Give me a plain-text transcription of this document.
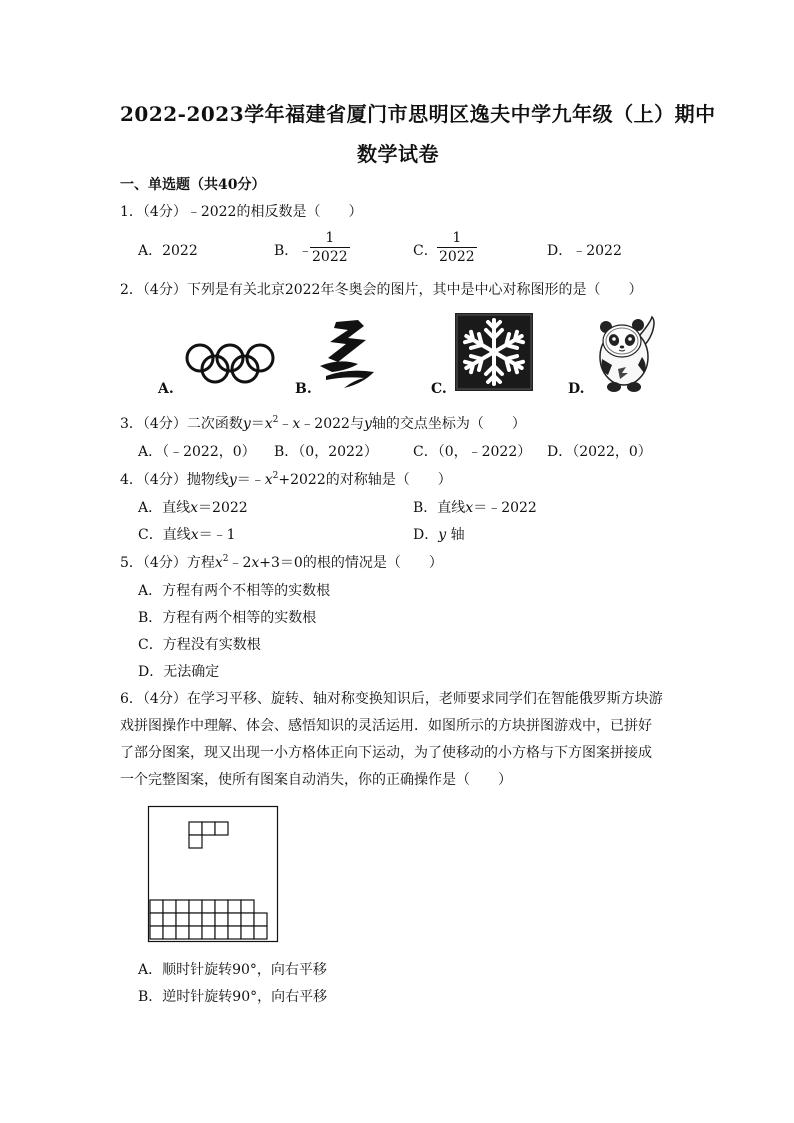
2022-2023学年福建省厦门市思明区逸夫中学九年级（上）期中
数学试卷
一、单选题（共40分）
1．（4分）﹣2022的相反数是（　　）
A．2022	B．﹣
$\frac{1}{2022}$	C． $\frac{1}{2022}$	D．﹣2022
2．（4分）下列是有关北京2022年冬奥会的图片，其中是中心对称图形的是（　　）
A.	B.	C.	D.
3．（4分）二次函数$y=x^2﹣x﹣2022$与y轴的交点坐标为（　　）
A．（﹣2022，0） B．（0，2022）	C．（0，﹣2022） D．（2022，0）
4．（4分）抛物线$y=﹣x^2+2022$的对称轴是（　　）
A．直线x＝2022	B．直线x＝﹣2022
C．直线x＝﹣1	D．y 轴
5．（4分）方程$x^2﹣2x+3=0$的根的情况是（　　）
A．方程有两个不相等的实数根
B．方程有两个相等的实数根
C．方程没有实数根
D．无法确定
6．（4分）在学习平移、旋转、轴对称变换知识后，老师要求同学们在智能俄罗斯方块游
戏拼图操作中理解、体会、感悟知识的灵活运用．如图所示的方块拼图游戏中，已拼好
了部分图案，现又出现一小方格体正向下运动，为了使移动的小方格与下方图案拼接成
一个完整图案，使所有图案自动消失，你的正确操作是（　　）
A．顺时针旋转90°，向右平移
B．逆时针旋转90°，向右平移
